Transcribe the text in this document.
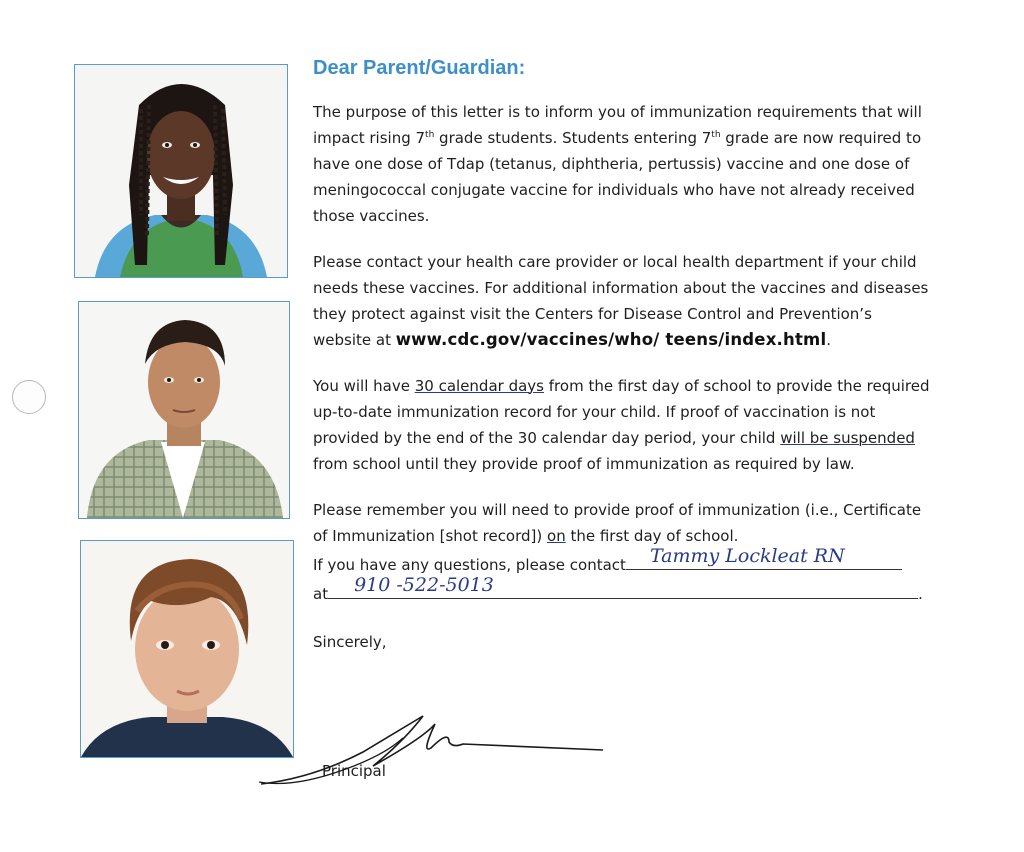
Dear Parent/Guardian:

The purpose of this letter is to inform you of immunization requirements that will impact rising 7th grade students. Students entering 7th grade are now required to have one dose of Tdap (tetanus, diphtheria, pertussis) vaccine and one dose of meningococcal conjugate vaccine for individuals who have not already received those vaccines.

Please contact your health care provider or local health department if your child needs these vaccines. For additional information about the vaccines and diseases they protect against visit the Centers for Disease Control and Prevention’s website at www.cdc.gov/vaccines/who/ teens/index.html.

You will have 30 calendar days from the first day of school to provide the required up-to-date immunization record for your child. If proof of vaccination is not provided by the end of the 30 calendar day period, your child will be suspended from school until they provide proof of immunization as required by law.

Please remember you will need to provide proof of immunization (i.e., Certificate of Immunization [shot record]) on the first day of school.
If you have any questions, please contact Tammy Lockleat RN

at 910 -522-5013	.

Sincerely,
Principal
